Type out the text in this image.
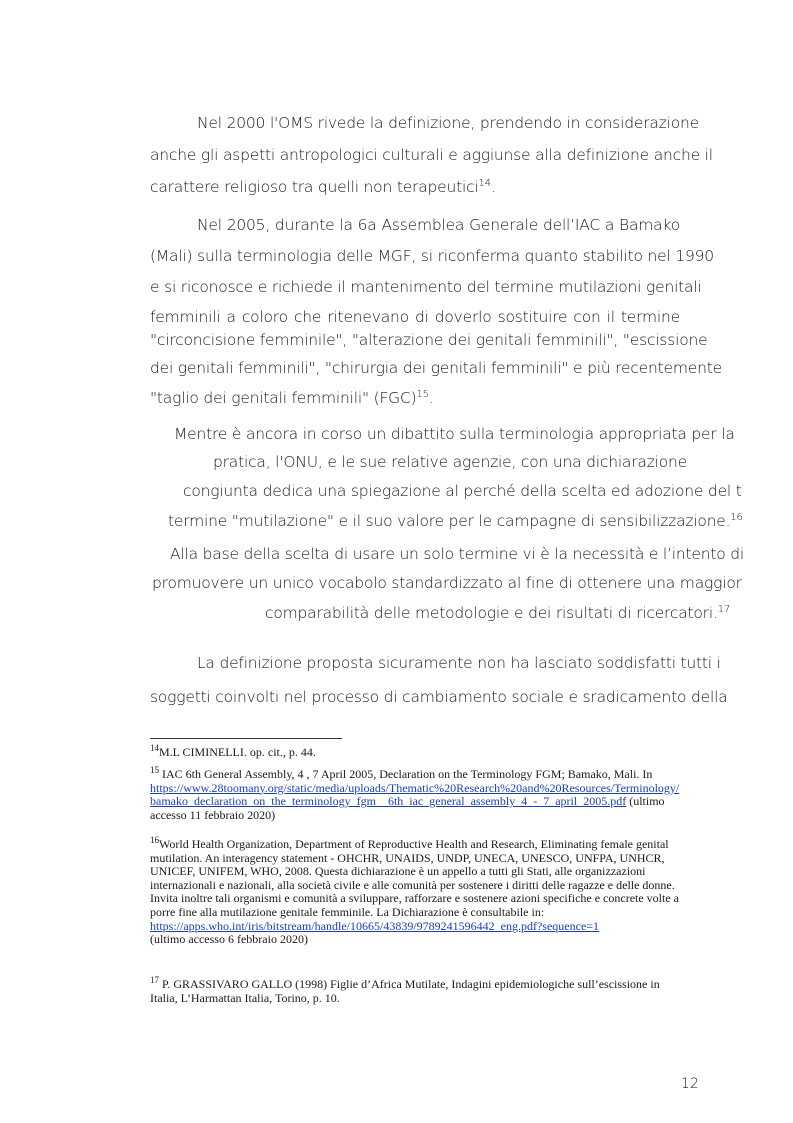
Nel 2000 l'OMS rivede la definizione, prendendo in considerazione
anche gli aspetti antropologici culturali e aggiunse alla definizione anche il
carattere religioso tra quelli non terapeutici$^{14}$.
Nel 2005, durante la 6a Assemblea Generale dell’IAC a Bamako
(Mali) sulla terminologia delle MGF, si riconferma quanto stabilito nel 1990
e si riconosce e richiede il mantenimento del termine mutilazioni genitali
femminili a coloro che ritenevano di doverlo sostituire con il termine
"circoncisione femminile", "alterazione dei genitali femminili", "escissione
dei genitali femminili", "chirurgia dei genitali femminili" e più recentemente
"taglio dei genitali femminili" (FGC)$^{15}$.
Mentre è ancora in corso un dibattito sulla terminologia appropriata per la
pratica, l'ONU, e le sue relative agenzie, con una dichiarazione
congiunta dedica una spiegazione al perché della scelta ed adozione del t
termine "mutilazione" e il suo valore per le campagne di sensibilizzazione.$^{16}$
Alla base della scelta di usare un solo termine vi è la necessità e l’intento di
promuovere un unico vocabolo standardizzato al fine di ottenere una maggior
comparabilità delle metodologie e dei risultati di ricercatori.$^{17}$
La definizione proposta sicuramente non ha lasciato soddisfatti tutti i
soggetti coinvolti nel processo di cambiamento sociale e sradicamento della
$^{14}$M.L CIMINELLI. op. cit., p. 44.
$^{15}$ IAC 6th General Assembly, 4 , 7 April 2005, Declaration on the Terminology FGM; Bamako, Mali. In
https://www.28toomany.org/static/media/uploads/Thematic%20Research%20and%20Resources/Terminology/bamako_declaration_on_the_terminology_fgm__6th_iac_general_assembly_4_-_7_april_2005.pdf (ultimo accesso 11 febbraio 2020)
$^{16}$World Health Organization, Department of Reproductive Health and Research, Eliminating female genital mutilation. An interagency statement - OHCHR, UNAIDS, UNDP, UNECA, UNESCO, UNFPA, UNHCR, UNICEF, UNIFEM, WHO, 2008. Questa dichiarazione è un appello a tutti gli Stati, alle organizzazioni internazionali e nazionali, alla società civile e alle comunità per sostenere i diritti delle ragazze e delle donne. Invita inoltre tali organismi e comunità a sviluppare, rafforzare e sostenere azioni specifiche e concrete volte a porre fine alla mutilazione genitale femminile. La Dichiarazione è consultabile in:
https://apps.who.int/iris/bitstream/handle/10665/43839/9789241596442_eng.pdf?sequence=1
(ultimo accesso 6 febbraio 2020)
$^{17}$ P. GRASSIVARO GALLO (1998) Figlie d’Africa Mutilate, Indagini epidemiologiche sull’escissione in Italia, L’Harmattan Italia, Torino, p. 10.
12
